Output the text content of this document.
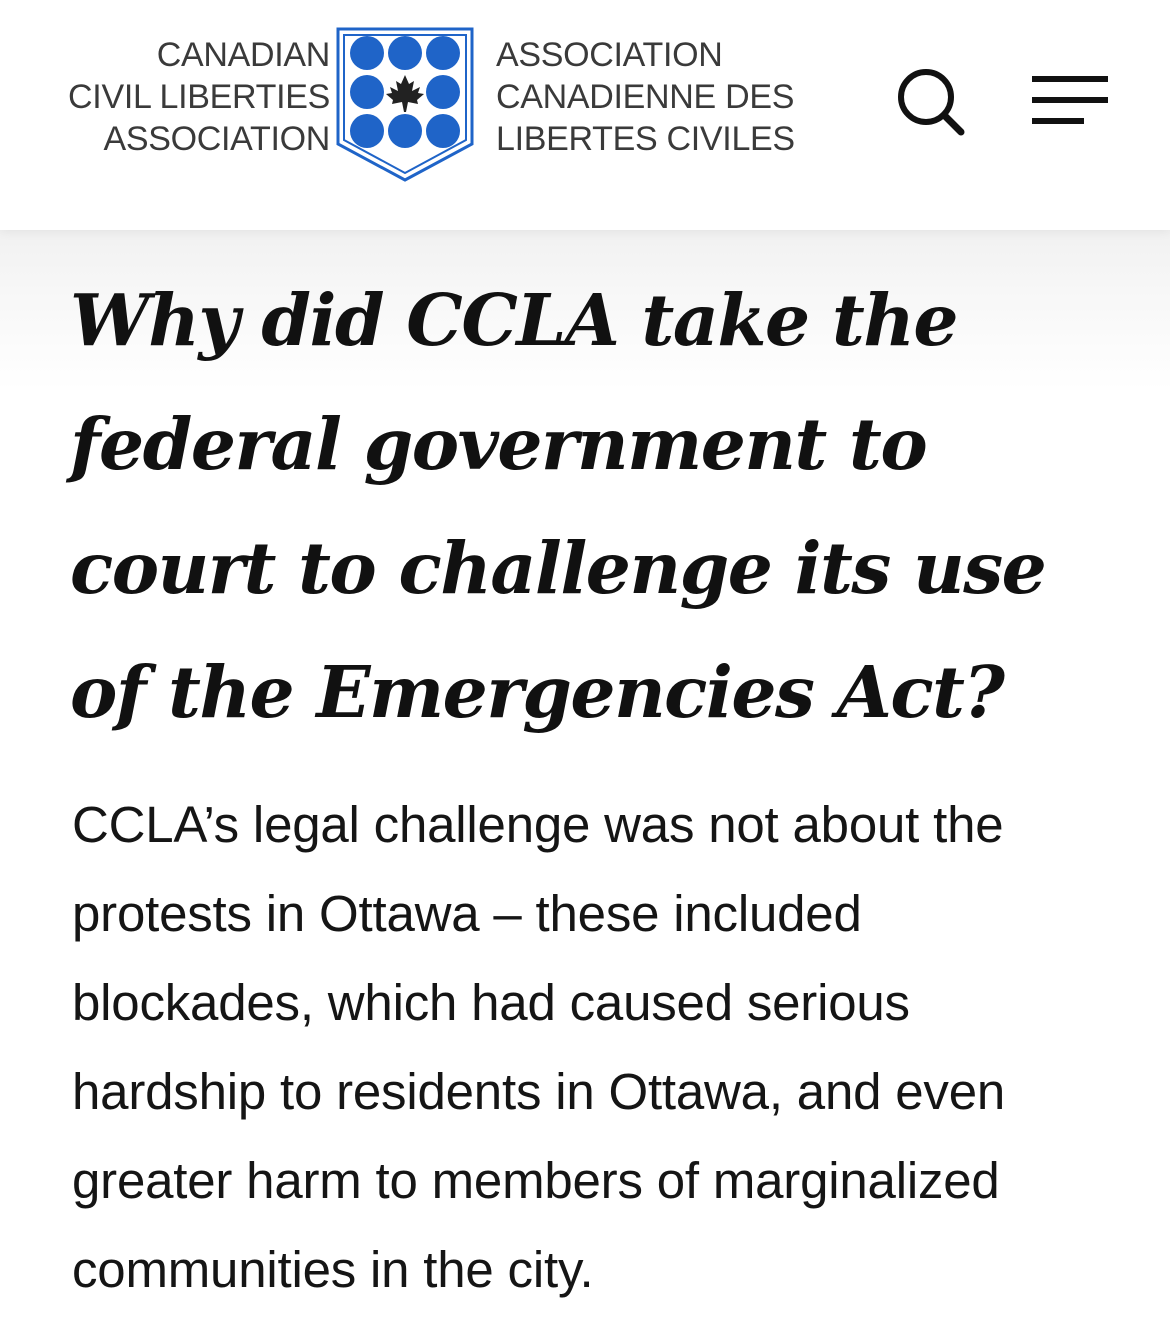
CANADIAN
CIVIL LIBERTIES
ASSOCIATION
ASSOCIATION
CANADIENNE DES
LIBERTES CIVILES
Why did CCLA take the federal government to court to challenge its use of the Emergencies Act?

CCLA’s legal challenge was not about the protests in Ottawa – these included blockades, which had caused serious hardship to residents in Ottawa, and even greater harm to members of marginalized communities in the city.
